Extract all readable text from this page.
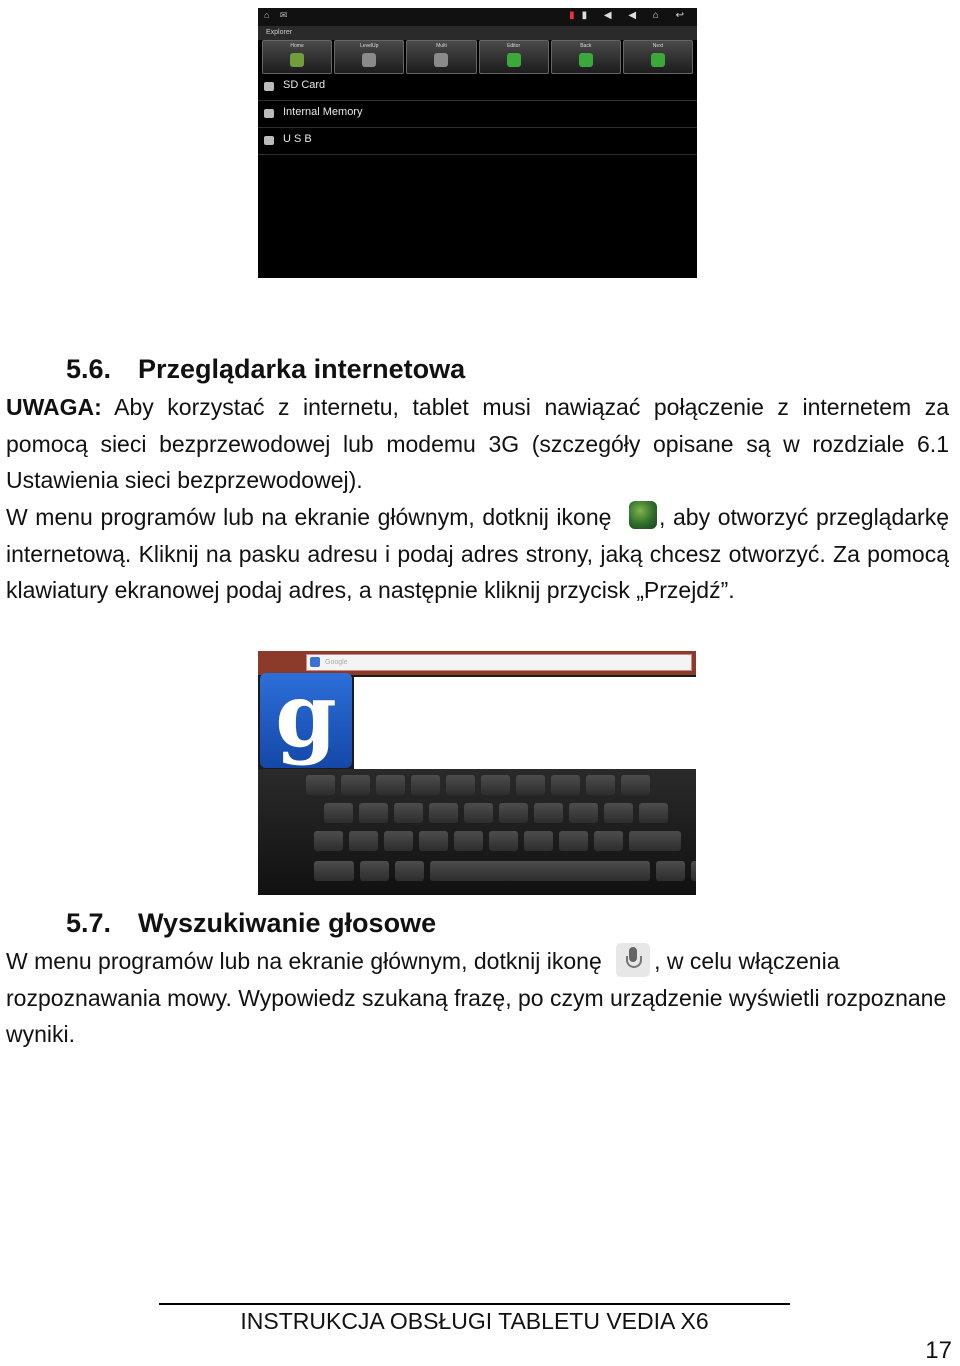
⌂ ✉	▮▮ ◀ ◀ ⌂ ↩
Explorer
Home	LevelUp	Multi	Editor	Back	Next
SD Card
Internal Memory
U S B
5.6. Przeglądarka internetowa
UWAGA: Aby korzystać z internetu, tablet musi nawiązać połączenie z internetem za pomocą sieci bezprzewodowej lub modemu 3G (szczegóły opisane są w rozdziale 6.1 Ustawienia sieci bezprzewodowej).
W menu programów lub na ekranie głównym, dotknij ikonę , aby otworzyć przeglądarkę internetową. Kliknij na pasku adresu i podaj adres strony, jaką chcesz otworzyć. Za pomocą klawiatury ekranowej podaj adres, a następnie kliknij przycisk „Przejdź”.
Google
g
5.7. Wyszukiwanie głosowe
W menu programów lub na ekranie głównym, dotknij ikonę , w celu włączenia rozpoznawania mowy. Wypowiedz szukaną frazę, po czym urządzenie wyświetli rozpoznane wyniki.
INSTRUKCJA OBSŁUGI TABLETU VEDIA X6
17
